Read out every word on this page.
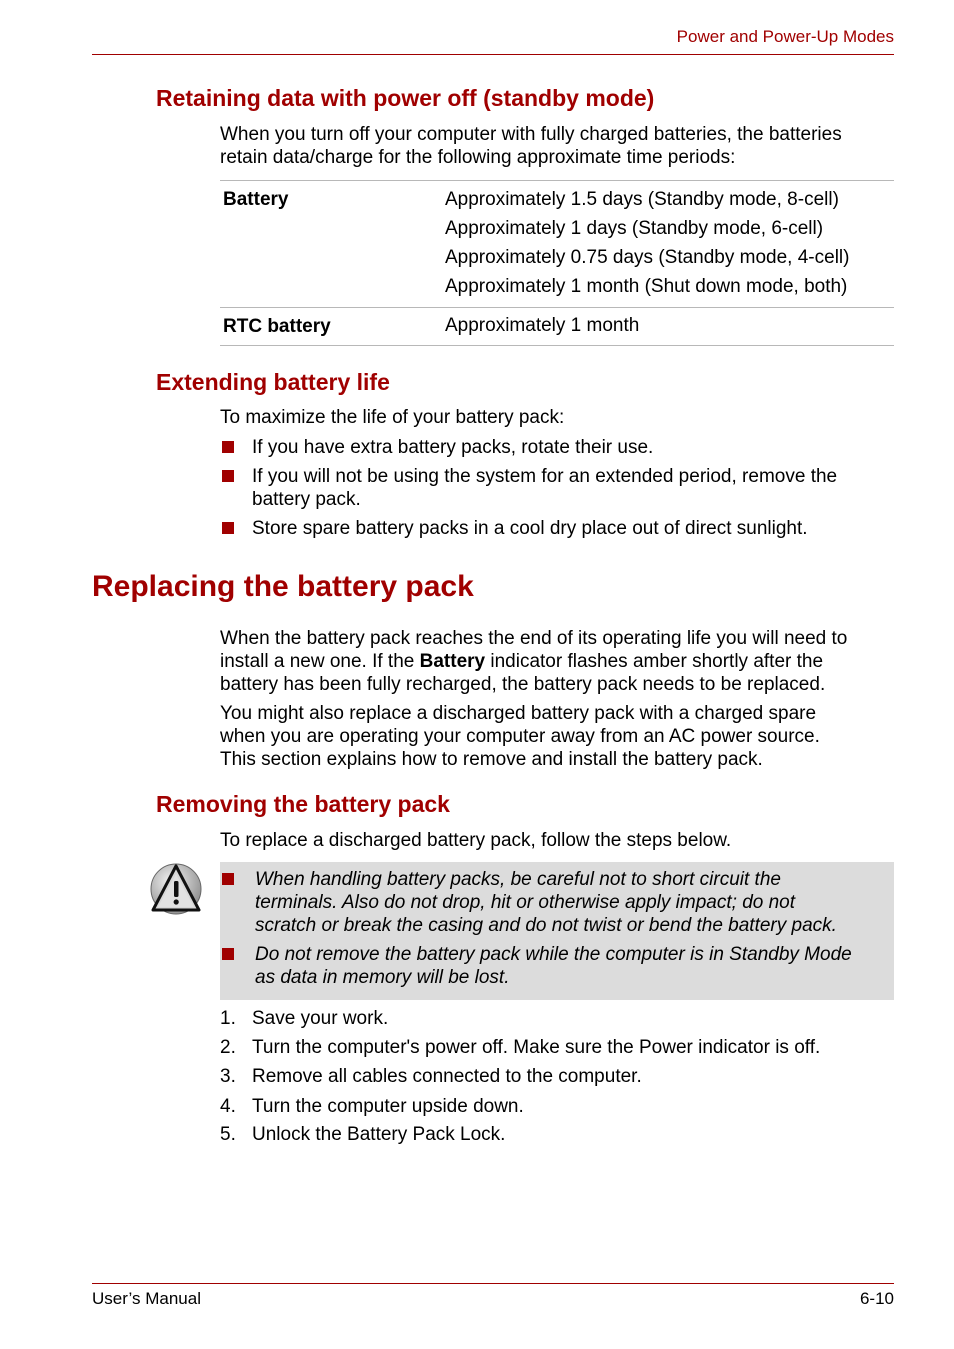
Power and Power-Up Modes
Retaining data with power off (standby mode)
When you turn off your computer with fully charged batteries, the batteries
retain data/charge for the following approximate time periods:
Battery	Approximately 1.5 days (Standby mode, 8-cell)
Approximately 1 days (Standby mode, 6-cell)
Approximately 0.75 days (Standby mode, 4-cell)
Approximately 1 month (Shut down mode, both)
RTC battery	Approximately 1 month
Extending battery life
To maximize the life of your battery pack:
If you have extra battery packs, rotate their use.
If you will not be using the system for an extended period, remove the
battery pack.
Store spare battery packs in a cool dry place out of direct sunlight.
Replacing the battery pack
When the battery pack reaches the end of its operating life you will need to
install a new one. If the Battery indicator flashes amber shortly after the
battery has been fully recharged, the battery pack needs to be replaced.
You might also replace a discharged battery pack with a charged spare
when you are operating your computer away from an AC power source.
This section explains how to remove and install the battery pack.
Removing the battery pack
To replace a discharged battery pack, follow the steps below.
When handling battery packs, be careful not to short circuit the
terminals. Also do not drop, hit or otherwise apply impact; do not
scratch or break the casing and do not twist or bend the battery pack.
Do not remove the battery pack while the computer is in Standby Mode
as data in memory will be lost.
1. Save your work.
2. Turn the computer's power off. Make sure the Power indicator is off.
3. Remove all cables connected to the computer.
4. Turn the computer upside down.
5. Unlock the Battery Pack Lock.
User’s Manual	6-10
